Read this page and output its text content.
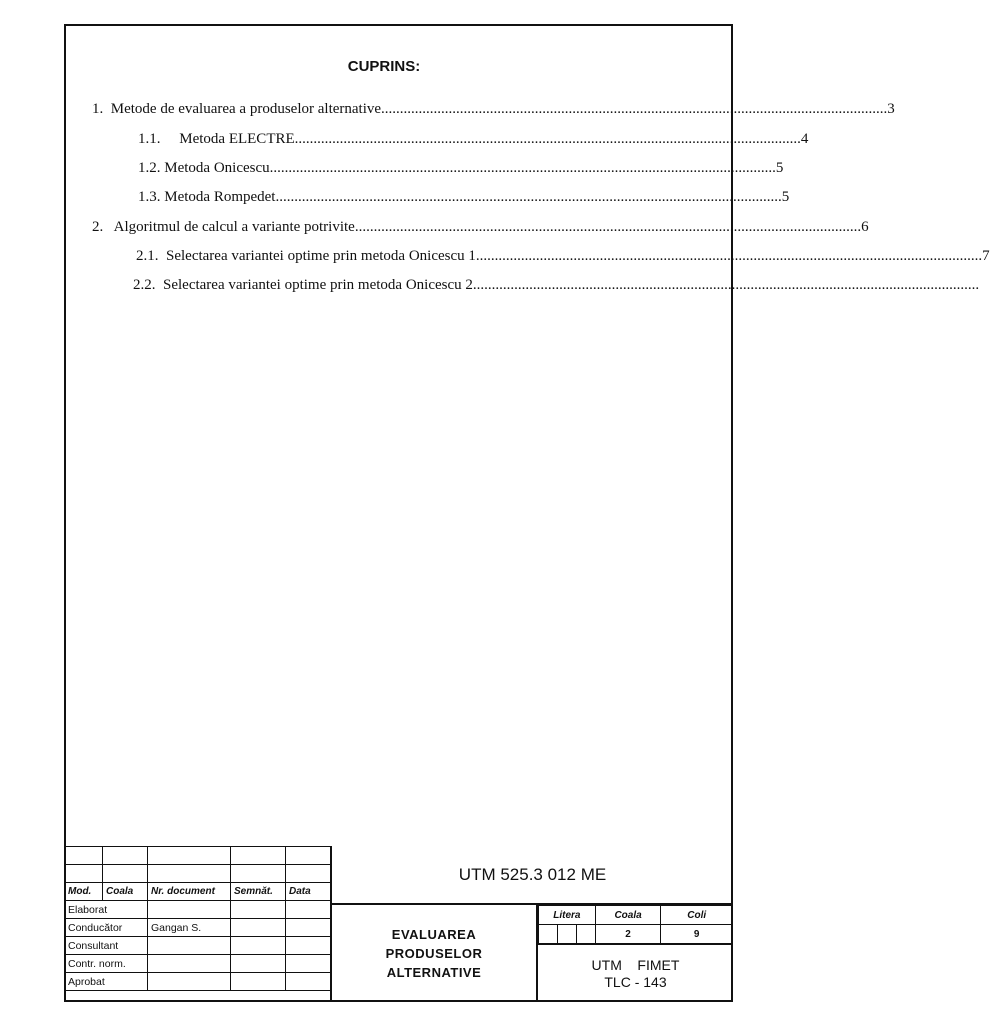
CUPRINS:
1.  Metode de evaluarea a produselor alternative ....................................................................................................................................... 3
1.1.     Metoda ELECTRE ....................................................................................................................................... 4
1.2. Metoda Onicescu ....................................................................................................................................... 5
1.3. Metoda Rompedet ....................................................................................................................................... 5
2.   Algoritmul de calcul a variante potrivite ....................................................................................................................................... 6
2.1.  Selectarea variantei optime prin metoda Onicescu 1 ....................................................................................................................................... 7
2.2.  Selectarea variantei optime prin metoda Onicescu 2 .......................................................................................................................................

Mod.	Coala	Nr. document	Semnăt.	Data
Elaborat				
Conducător		Gangan S.		
Consultant				
Contr. norm.				
Aprobat				
UTM 525.3 012 ME
EVALUAREA
PRODUSELOR
ALTERNATIVE
Litera			Coala	Coli
			2	9
UTM    FIMET
TLC - 143
